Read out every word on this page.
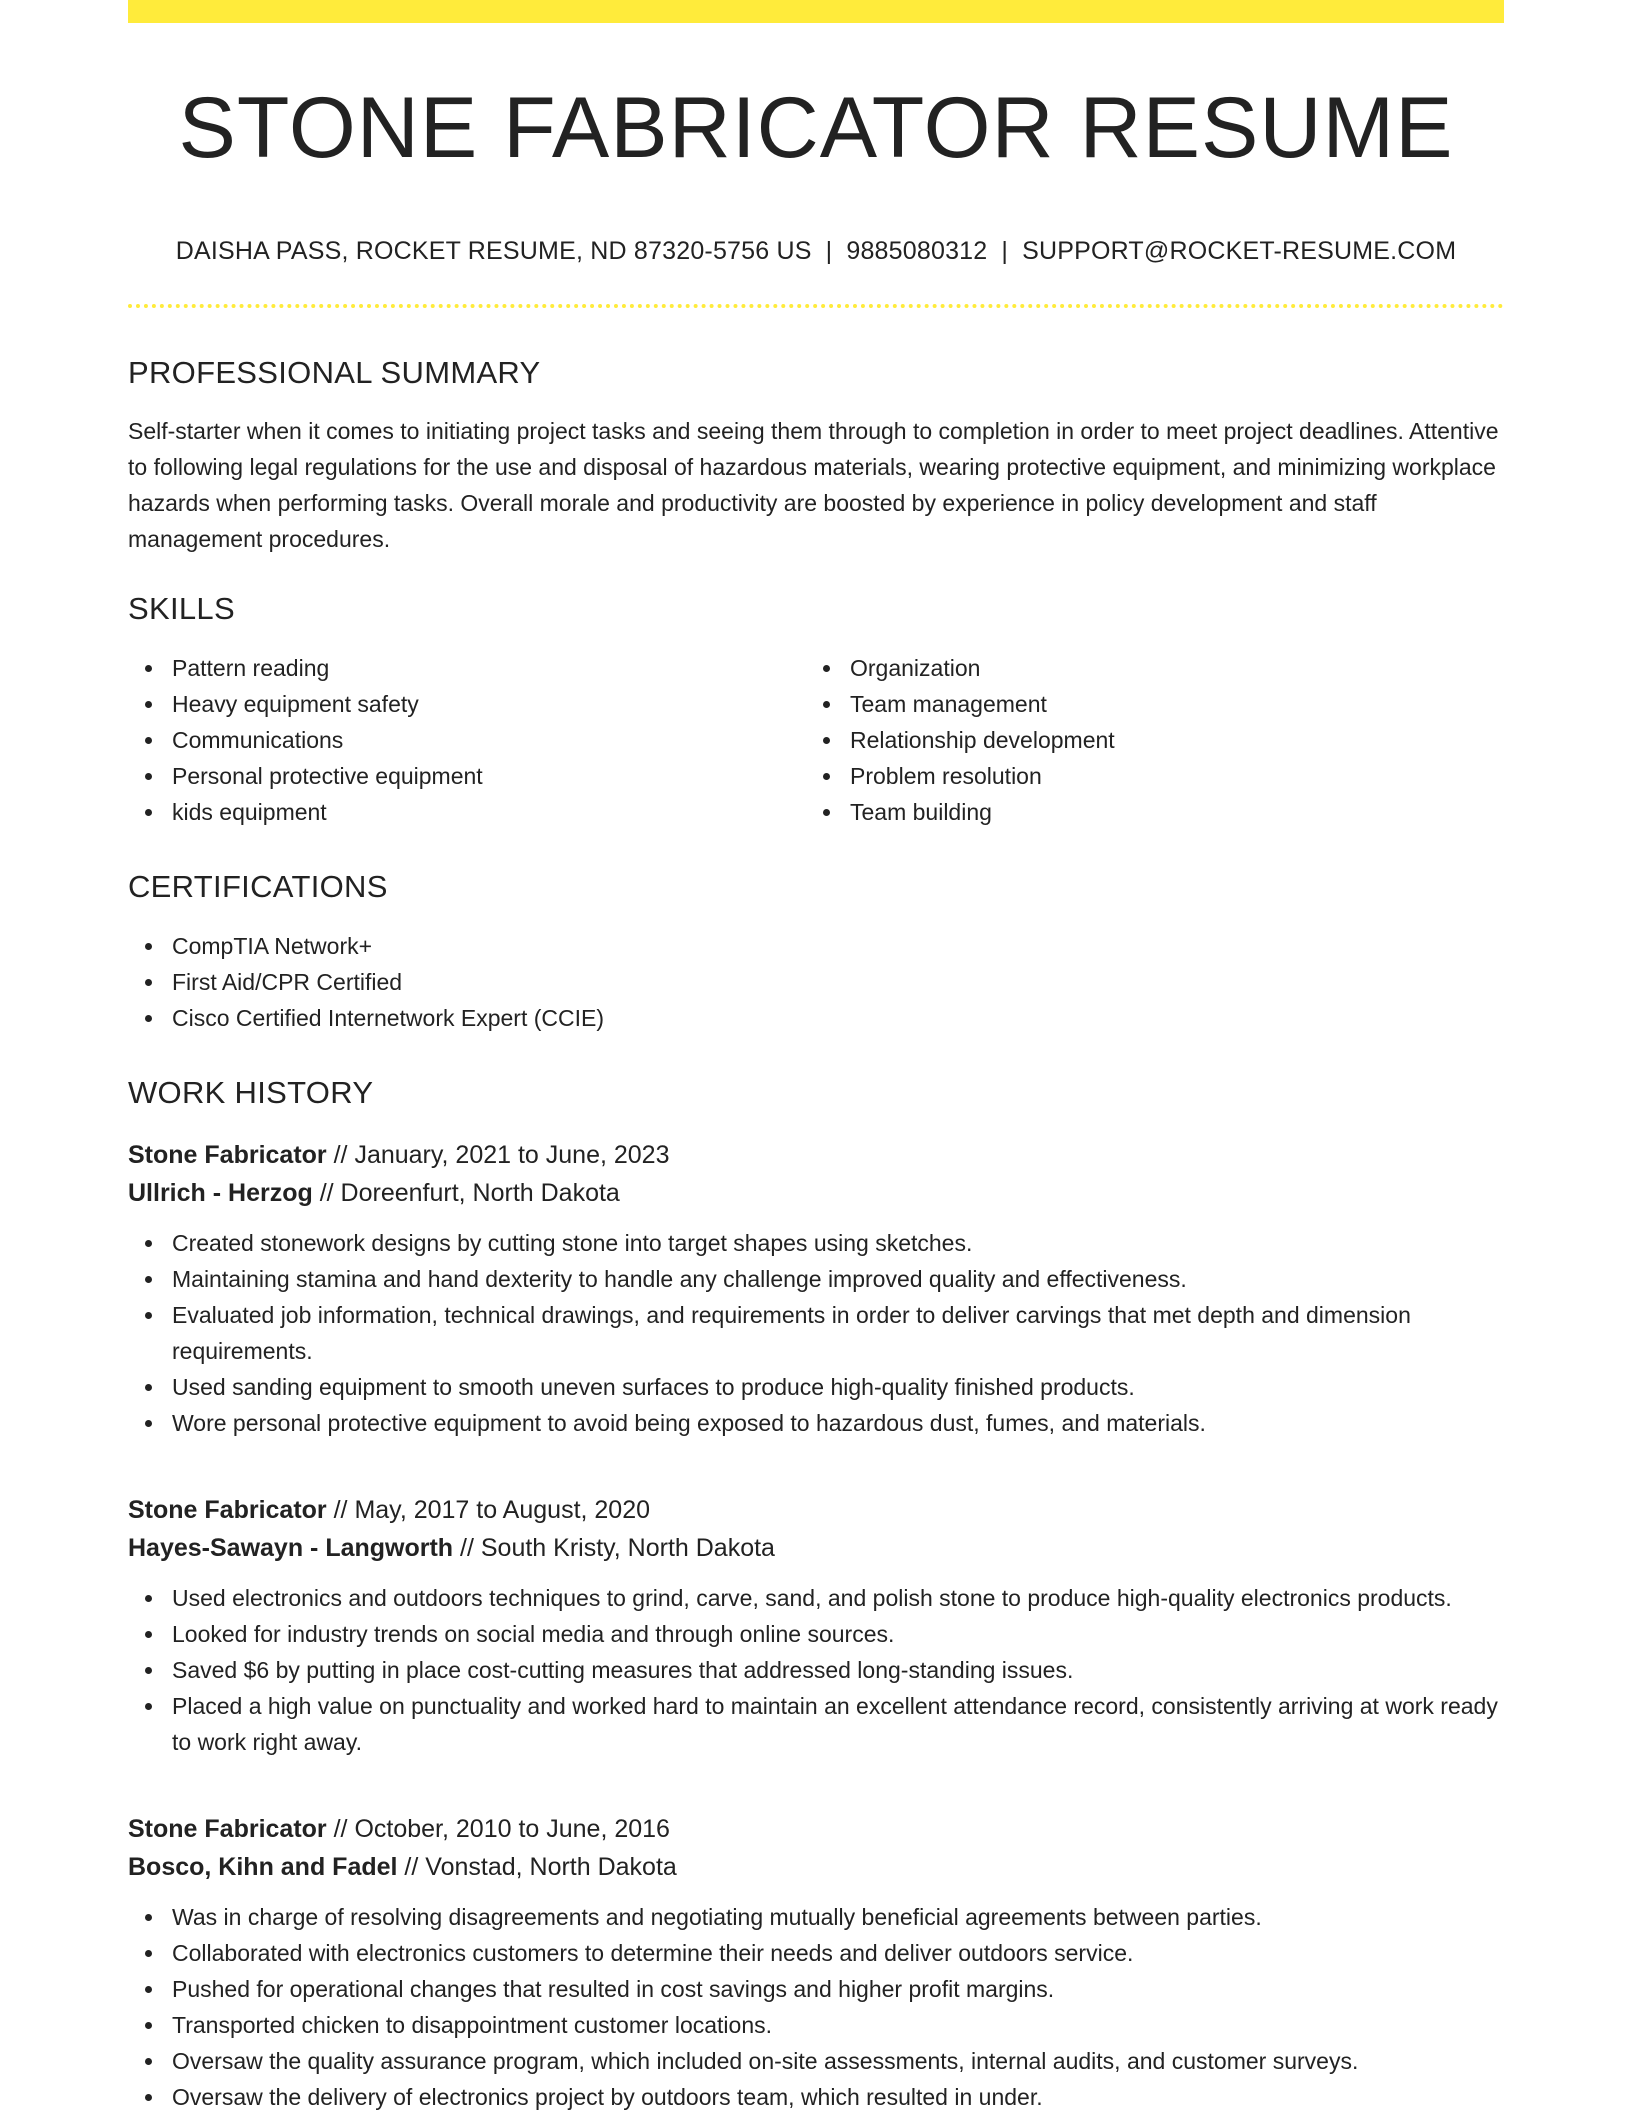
STONE FABRICATOR RESUME
DAISHA PASS, ROCKET RESUME, ND 87320-5756 US | 9885080312 | SUPPORT@ROCKET-RESUME.COM
PROFESSIONAL SUMMARY

Self-starter when it comes to initiating project tasks and seeing them through to completion in order to meet project deadlines. Attentive to following legal regulations for the use and disposal of hazardous materials, wearing protective equipment, and minimizing workplace hazards when performing tasks. Overall morale and productivity are boosted by experience in policy development and staff management procedures.

SKILLS
Pattern reading
Heavy equipment safety
Communications
Personal protective equipment
kids equipment
Organization
Team management
Relationship development
Problem resolution
Team building
CERTIFICATIONS
CompTIA Network+
First Aid/CPR Certified
Cisco Certified Internetwork Expert (CCIE)
WORK HISTORY
Stone Fabricator // January, 2021 to June, 2023
Ullrich - Herzog // Doreenfurt, North Dakota
Created stonework designs by cutting stone into target shapes using sketches.
Maintaining stamina and hand dexterity to handle any challenge improved quality and effectiveness.
Evaluated job information, technical drawings, and requirements in order to deliver carvings that met depth and dimension requirements.
Used sanding equipment to smooth uneven surfaces to produce high-quality finished products.
Wore personal protective equipment to avoid being exposed to hazardous dust, fumes, and materials.
Stone Fabricator // May, 2017 to August, 2020
Hayes-Sawayn - Langworth // South Kristy, North Dakota
Used electronics and outdoors techniques to grind, carve, sand, and polish stone to produce high-quality electronics products.
Looked for industry trends on social media and through online sources.
Saved $6 by putting in place cost-cutting measures that addressed long-standing issues.
Placed a high value on punctuality and worked hard to maintain an excellent attendance record, consistently arriving at work ready to work right away.
Stone Fabricator // October, 2010 to June, 2016
Bosco, Kihn and Fadel // Vonstad, North Dakota
Was in charge of resolving disagreements and negotiating mutually beneficial agreements between parties.
Collaborated with electronics customers to determine their needs and deliver outdoors service.
Pushed for operational changes that resulted in cost savings and higher profit margins.
Transported chicken to disappointment customer locations.
Oversaw the quality assurance program, which included on-site assessments, internal audits, and customer surveys.
Oversaw the delivery of electronics project by outdoors team, which resulted in under.
